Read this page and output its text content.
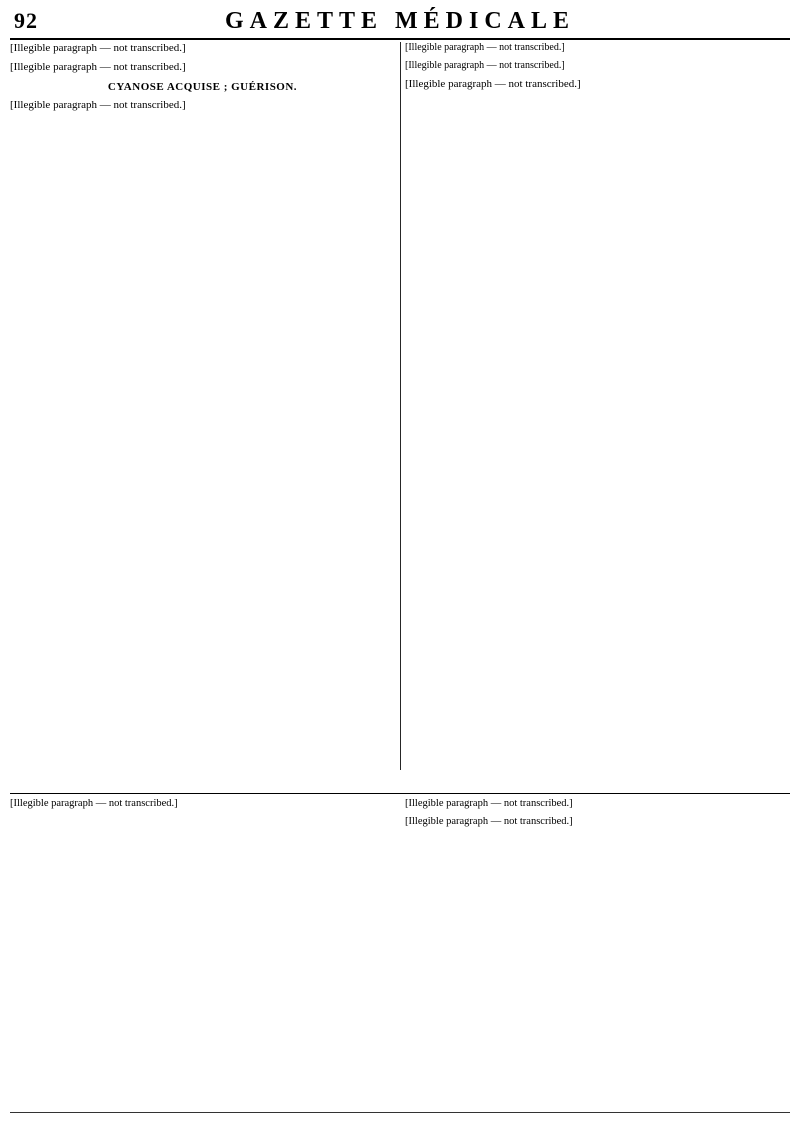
92	GAZETTE MÉDICALE

[Illegible paragraph — not transcribed.]

[Illegible paragraph — not transcribed.]

CYANOSE ACQUISE ; GUÉRISON.

[Illegible paragraph — not transcribed.]

[Illegible paragraph — not transcribed.]

[Illegible paragraph — not transcribed.]

[Illegible paragraph — not transcribed.]

[Illegible paragraph — not transcribed.]	[Illegible paragraph — not transcribed.]

[Illegible paragraph — not transcribed.]
